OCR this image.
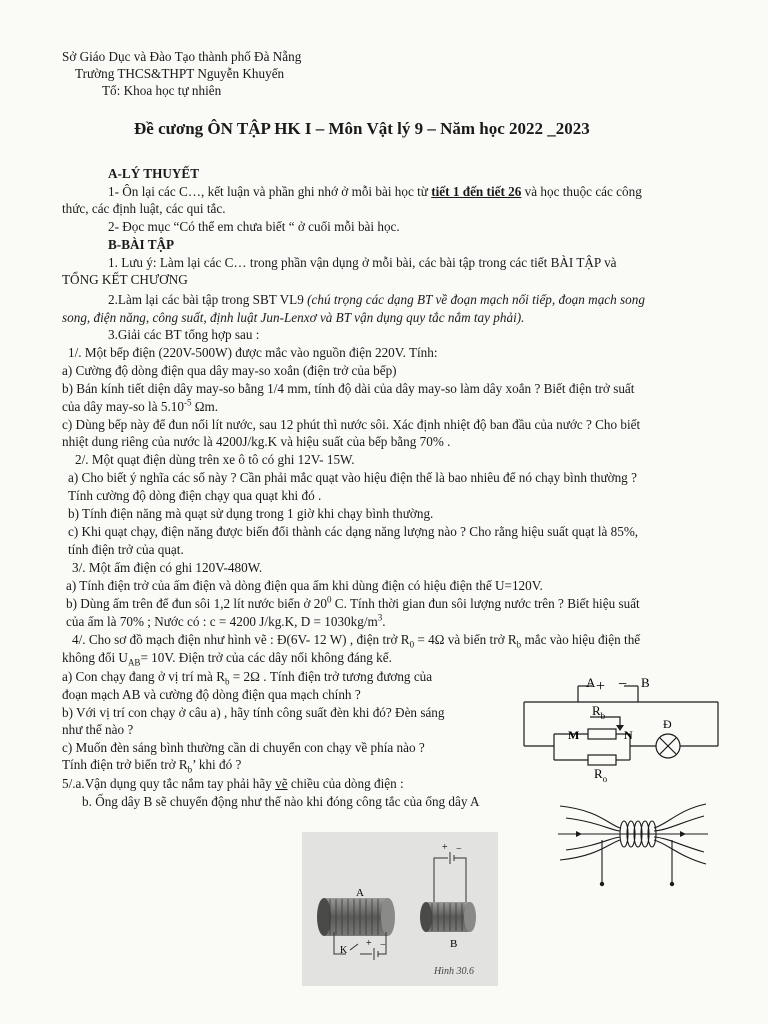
Sở Giáo Dục và Đào Tạo thành phố Đà Nẵng
Trường THCS&THPT Nguyễn Khuyến
Tổ: Khoa học tự nhiên
Đề cương ÔN TẬP HK I – Môn Vật lý 9 – Năm học 2022 _2023
A-LÝ THUYẾT
1- Ôn lại các C…, kết luận và phần ghi nhớ ở mỗi bài học từ tiết 1 đến tiết 26 và học thuộc các công
thức, các định luật, các qui tắc.
2- Đọc mục “Có thể em chưa biết “ ở cuối mỗi bài học.
B-BÀI TẬP
1. Lưu ý: Làm lại các C… trong phần vận dụng ở mỗi bài, các bài tập trong các tiết BÀI TẬP và
TỔNG KẾT CHƯƠNG
2.Làm lại các bài tập trong SBT VL9 (chú trọng các dạng BT về đoạn mạch nối tiếp, đoạn mạch song
song, điện năng, công suất, định luật Jun-Lenxơ và BT vận dụng quy tắc nắm tay phải).
3.Giải các BT tổng hợp sau :
1/. Một bếp điện (220V-500W) được mắc vào nguồn điện 220V. Tính:
a) Cường độ dòng điện qua dây may-so xoắn (điện trở của bếp)
b) Bán kính tiết diện dây may-so bằng 1/4 mm, tính độ dài của dây may-so làm dây xoắn ? Biết điện trở suất
của dây may-so là $5.10^{-5}$ Ωm.
c) Dùng bếp này để đun nối lít nước, sau 12 phút thì nước sôi. Xác định nhiệt độ ban đầu của nước ? Cho biết
nhiệt dung riêng của nước là 4200J/kg.K và hiệu suất của bếp bằng 70% .
2/. Một quạt điện dùng trên xe ô tô có ghi 12V- 15W.
a) Cho biết ý nghĩa các số này ? Cần phải mắc quạt vào hiệu điện thế là bao nhiêu để nó chạy bình thường ?
Tính cường độ dòng điện chạy qua quạt khi đó .
b) Tính điện năng mà quạt sử dụng trong 1 giờ khi chạy bình thường.
c) Khi quạt chạy, điện năng được biến đổi thành các dạng năng lượng nào ? Cho rằng hiệu suất quạt là 85%,
tính điện trở của quạt.
3/. Một ấm điện có ghi 120V-480W.
a) Tính điện trở của ấm điện và dòng điện qua ấm khi dùng điện có hiệu điện thế U=120V.
b) Dùng ấm trên để đun sôi 1,2 lít nước biển ở $20^0$ C. Tính thời gian đun sôi lượng nước trên ? Biết hiệu suất
của ấm là 70% ; Nước có : c = 4200 J/kg.K, $D = 1030kg/m^3$.
4/. Cho sơ đồ mạch điện như hình vẽ : Đ(6V- 12 W) , điện trở $R_0 = 4\Omega$ và biến trở $R_b$ mắc vào hiệu điện thế
không đổi $U_{AB}= 10V$. Điện trở của các dây nối không đáng kể.
a) Con chạy đang ở vị trí mà $R_b = 2\Omega$ . Tính điện trở tương đương của
đoạn mạch AB và cường độ dòng điện qua mạch chính ?
b) Với vị trí con chạy ở câu a) , hãy tính công suất đèn khi đó? Đèn sáng
như thế nào ?
c) Muốn đèn sáng bình thường cần di chuyển con chạy về phía nào ?
Tính điện trở biến trở $R_b$’ khi đó ?
5/.a.Vận dụng quy tắc nắm tay phải hãy vẽ chiều của dòng điện :
b. Ống dây B sẽ chuyển động như thế nào khi đóng công tắc của ống dây A
A + − B
$R_b$
M	N
Đ
$R_o$
A
B
K
+ −
+ −
Hình 30.6
